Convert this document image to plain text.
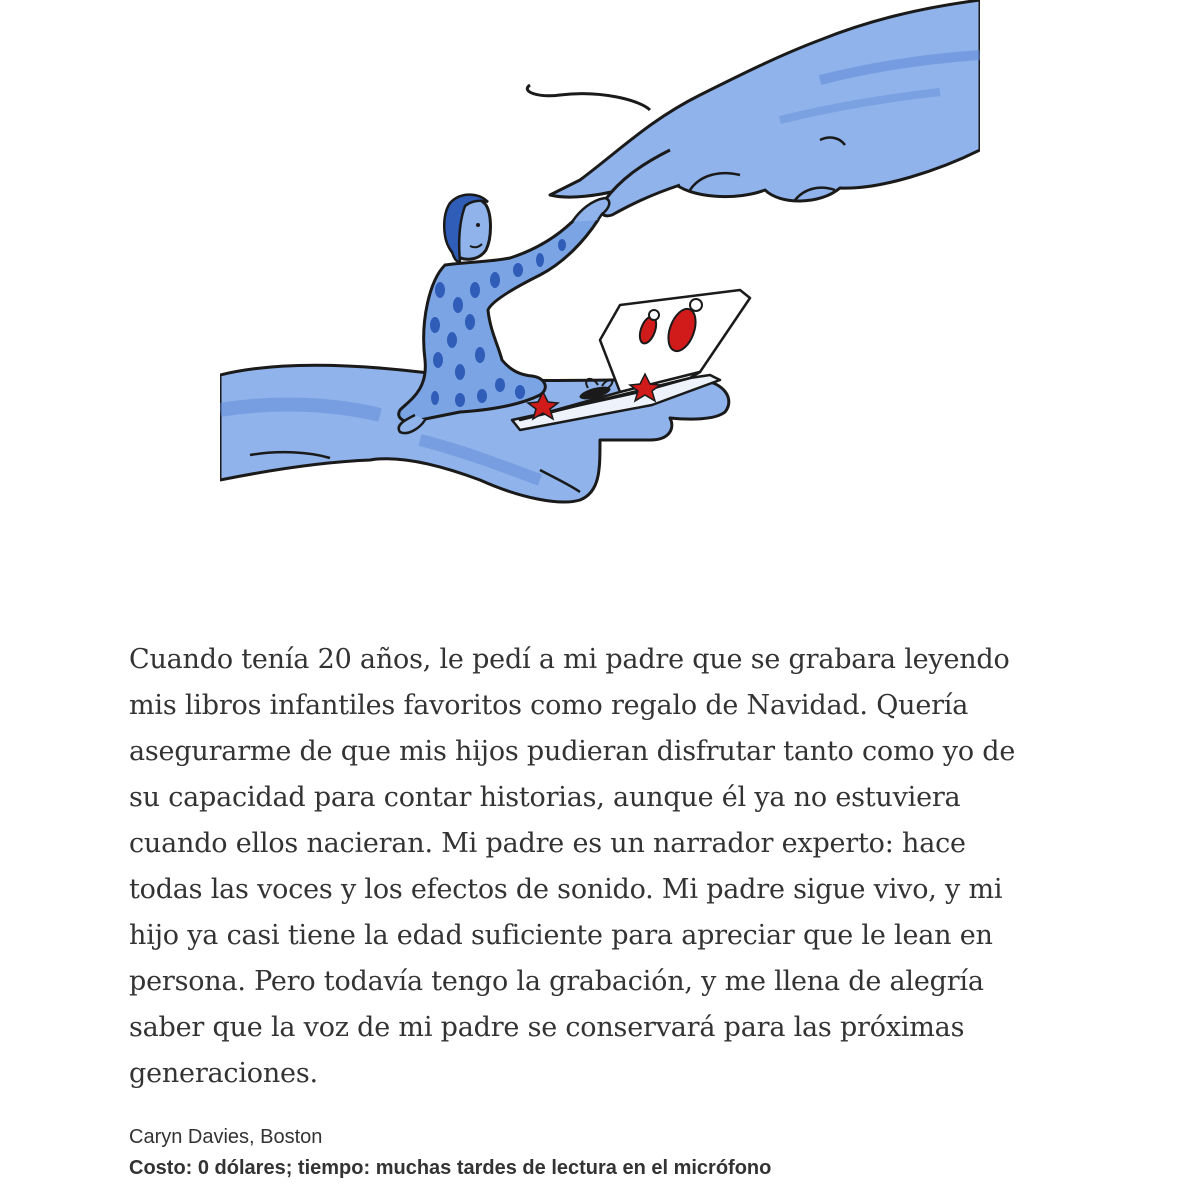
Cuando tenía 20 años, le pedí a mi padre que se grabara leyendo
mis libros infantiles favoritos como regalo de Navidad. Quería
asegurarme de que mis hijos pudieran disfrutar tanto como yo de
su capacidad para contar historias, aunque él ya no estuviera
cuando ellos nacieran. Mi padre es un narrador experto: hace
todas las voces y los efectos de sonido. Mi padre sigue vivo, y mi
hijo ya casi tiene la edad suficiente para apreciar que le lean en
persona. Pero todavía tengo la grabación, y me llena de alegría
saber que la voz de mi padre se conservará para las próximas
generaciones.

Caryn Davies, Boston

Costo: 0 dólares; tiempo: muchas tardes de lectura en el micrófono
